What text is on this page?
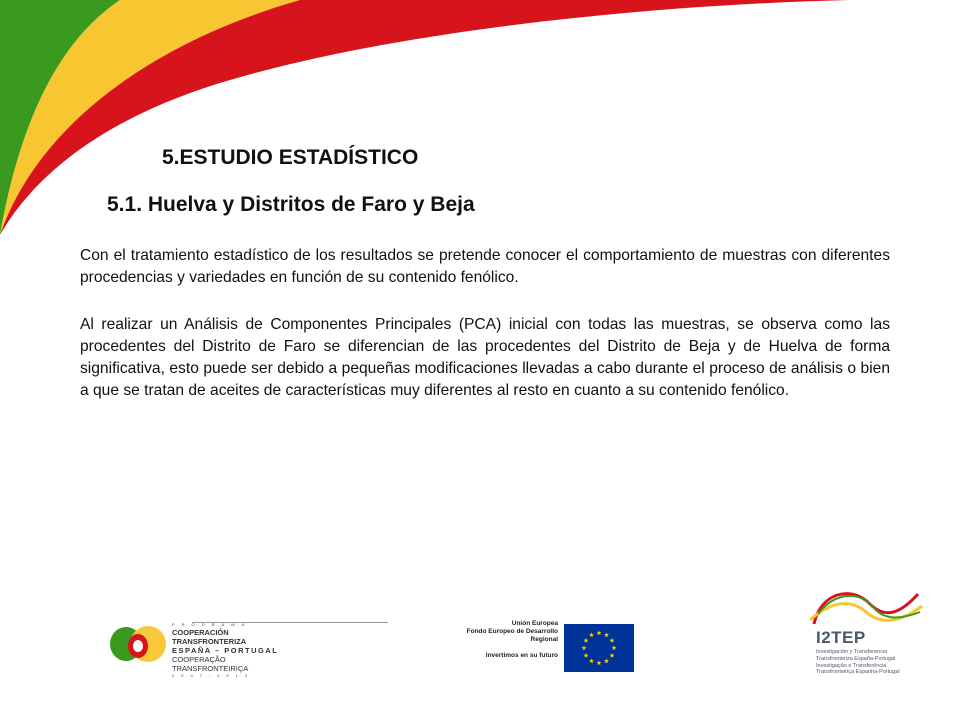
5.ESTUDIO ESTADÍSTICO
5.1. Huelva y Distritos de Faro y Beja

Con el tratamiento estadístico de los resultados se pretende conocer el comportamiento de muestras con diferentes procedencias y variedades en función de su contenido fenólico.

Al realizar un Análisis de Componentes Principales (PCA) inicial con todas las muestras, se observa como las procedentes del Distrito de Faro se diferencian de las procedentes del Distrito de Beja y de Huelva de forma significativa, esto puede ser debido a pequeñas modificaciones llevadas a cabo durante el proceso de análisis o bien a que se tratan de aceites de características muy diferentes al resto en cuanto a su contenido fenólico.

PROGRAMA
COOPERACIÓN TRANSFRONTERIZA
ESPAÑA – PORTUGAL
COOPERAÇÃO TRANSFRONTEIRIÇA
2007-2013
Unión Europea
Fondo Europeo de Desarrollo
Regional
Invertimos en su futuro
I2TEP
Investigación y Transferencia
Transfronteriza España-Portugal
Investigação e Transferência
Transfronteiriça Espanha-Portugal
